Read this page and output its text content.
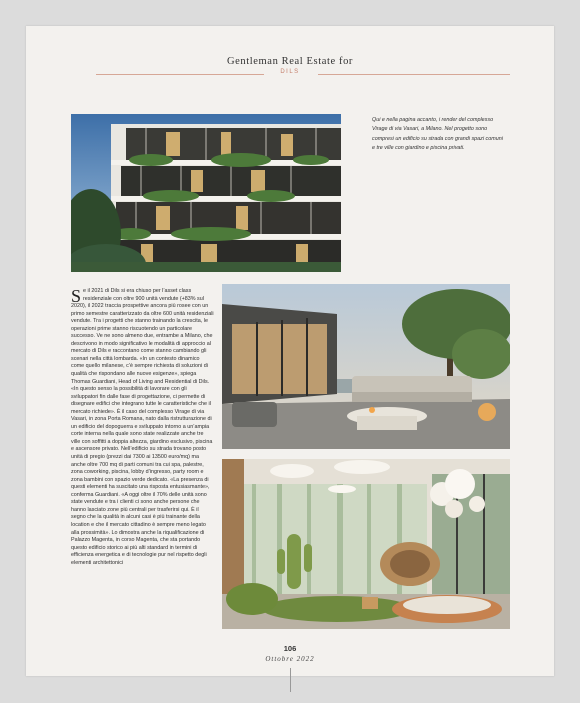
Gentleman Real Estate for
DILS
Qui e nella pagina accanto, i render del complesso Virage di via Vasari, a Milano. Nel progetto sono compresi un edificio su strada con grandi spazi comuni e tre ville con giardino e piscina privati.
Se il 2021 di Dils si era chiuso per l’asset class residenziale con oltre 900 unità vendute (+83% sul 2020), il 2022 traccia prospettive ancora più rosee con un primo semestre caratterizzato da oltre 600 unità residenziali vendute. Tra i progetti che stanno trainando la crescita, le operazioni prime stanno riscuotendo un particolare successo. Ve ne sono almeno due, entrambe a Milano, che descrivono in modo significativo le modalità di approccio al mercato di Dils e raccontano come stanno cambiando gli scenari nella città lombarda. «In un contesto dinamico come quello milanese, c’è sempre richiesta di soluzioni di qualità che rispondano alle nuove esigenze», spiega Thomas Guardiani, Head of Living and Residential di Dils. «In questo senso la possibilità di lavorare con gli sviluppatori fin dalle fase di progettazione, ci permette di disegnare edifici che integrano tutte le caratteristiche che il mercato richiede». È il caso del complesso Virage di via Vasari, in zona Porta Romana, nato dalla ristrutturazione di un edificio del dopoguerra e sviluppato intorno a un’ampia corte interna nella quale sono state realizzate anche tre ville con soffitti a doppia altezza, giardino esclusivo, piscina e ascensore privato. Nell’edificio su strada trovano posto unità di pregio (prezzi dai 7300 ai 13500 euro/mq) ma anche oltre 700 mq di parti comuni tra cui spa, palestre, zona coworking, piscina, lobby d’ingresso, party room e zona bambini con spazio verde dedicato. «La presenza di questi elementi ha suscitato una risposta entusiasmante», conferma Guardiani. «A oggi oltre il 70% delle unità sono state vendute e tra i clienti ci sono anche persone che hanno lasciato zone più centrali per trasferirsi qui. È il segno che la qualità in alcuni casi è più trainante della location e che il mercato cittadino è sempre meno legato alla prossimità». Lo dimostra anche la riqualificazione di Palazzo Magenta, in corso Magenta, che sta portando questo edificio storico ai più alti standard in termini di efficienza energetica e di tecnologie pur nel rispetto degli elementi architettonici
106
Ottobre 2022
